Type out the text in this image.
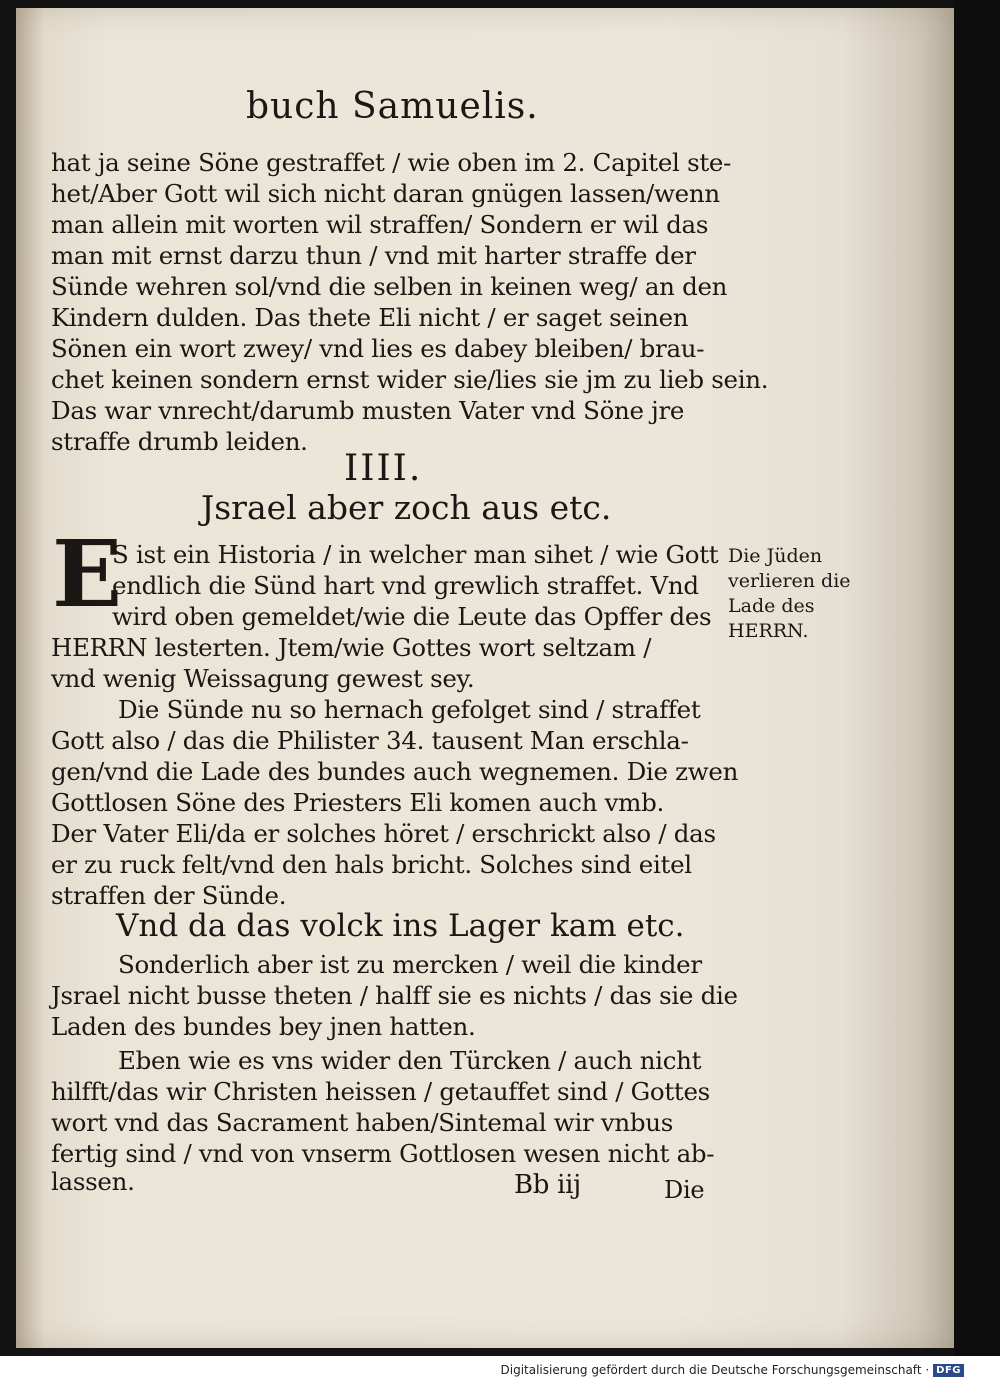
buch Samuelis.
hat ja seine Söne gestraffet / wie oben im 2. Capitel ste-
het/Aber Gott wil sich nicht daran gnügen lassen/wenn
man allein mit worten wil straffen/ Sondern er wil das
man mit ernst darzu thun / vnd mit harter straffe der
Sünde wehren sol/vnd die selben in keinen weg/ an den
Kindern dulden. Das thete Eli nicht / er saget seinen
Sönen ein wort zwey/ vnd lies es dabey bleiben/ brau-
chet keinen sondern ernst wider sie/lies sie jm zu lieb sein.
Das war vnrecht/darumb musten Vater vnd Söne jre
straffe drumb leiden.
IIII.
Jsrael aber zoch aus etc.
E
S ist ein Historia / in welcher man sihet / wie Gott
endlich die Sünd hart vnd grewlich straffet. Vnd
wird oben gemeldet/wie die Leute das Opffer des
HERRN lesterten. Jtem/wie Gottes wort seltzam /
vnd wenig Weissagung gewest sey.
Die Jüden
verlieren die
Lade des
HERRN.
Die Sünde nu so hernach gefolget sind / straffet
Gott also / das die Philister 34. tausent Man erschla-
gen/vnd die Lade des bundes auch wegnemen. Die zwen
Gottlosen Söne des Priesters Eli komen auch vmb.
Der Vater Eli/da er solches höret / erschrickt also / das
er zu ruck felt/vnd den hals bricht. Solches sind eitel
straffen der Sünde.
Vnd da das volck ins Lager kam etc.
Sonderlich aber ist zu mercken / weil die kinder
Jsrael nicht busse theten / halff sie es nichts / das sie die
Laden des bundes bey jnen hatten.
Eben wie es vns wider den Türcken / auch nicht
hilfft/das wir Christen heissen / getauffet sind / Gottes
wort vnd das Sacrament haben/Sintemal wir vnbus
fertig sind / vnd von vnserm Gottlosen wesen nicht ab-
lassen.	Bb iij	Die
Digitalisierung gefördert durch die Deutsche Forschungsgemeinschaft · DFG
